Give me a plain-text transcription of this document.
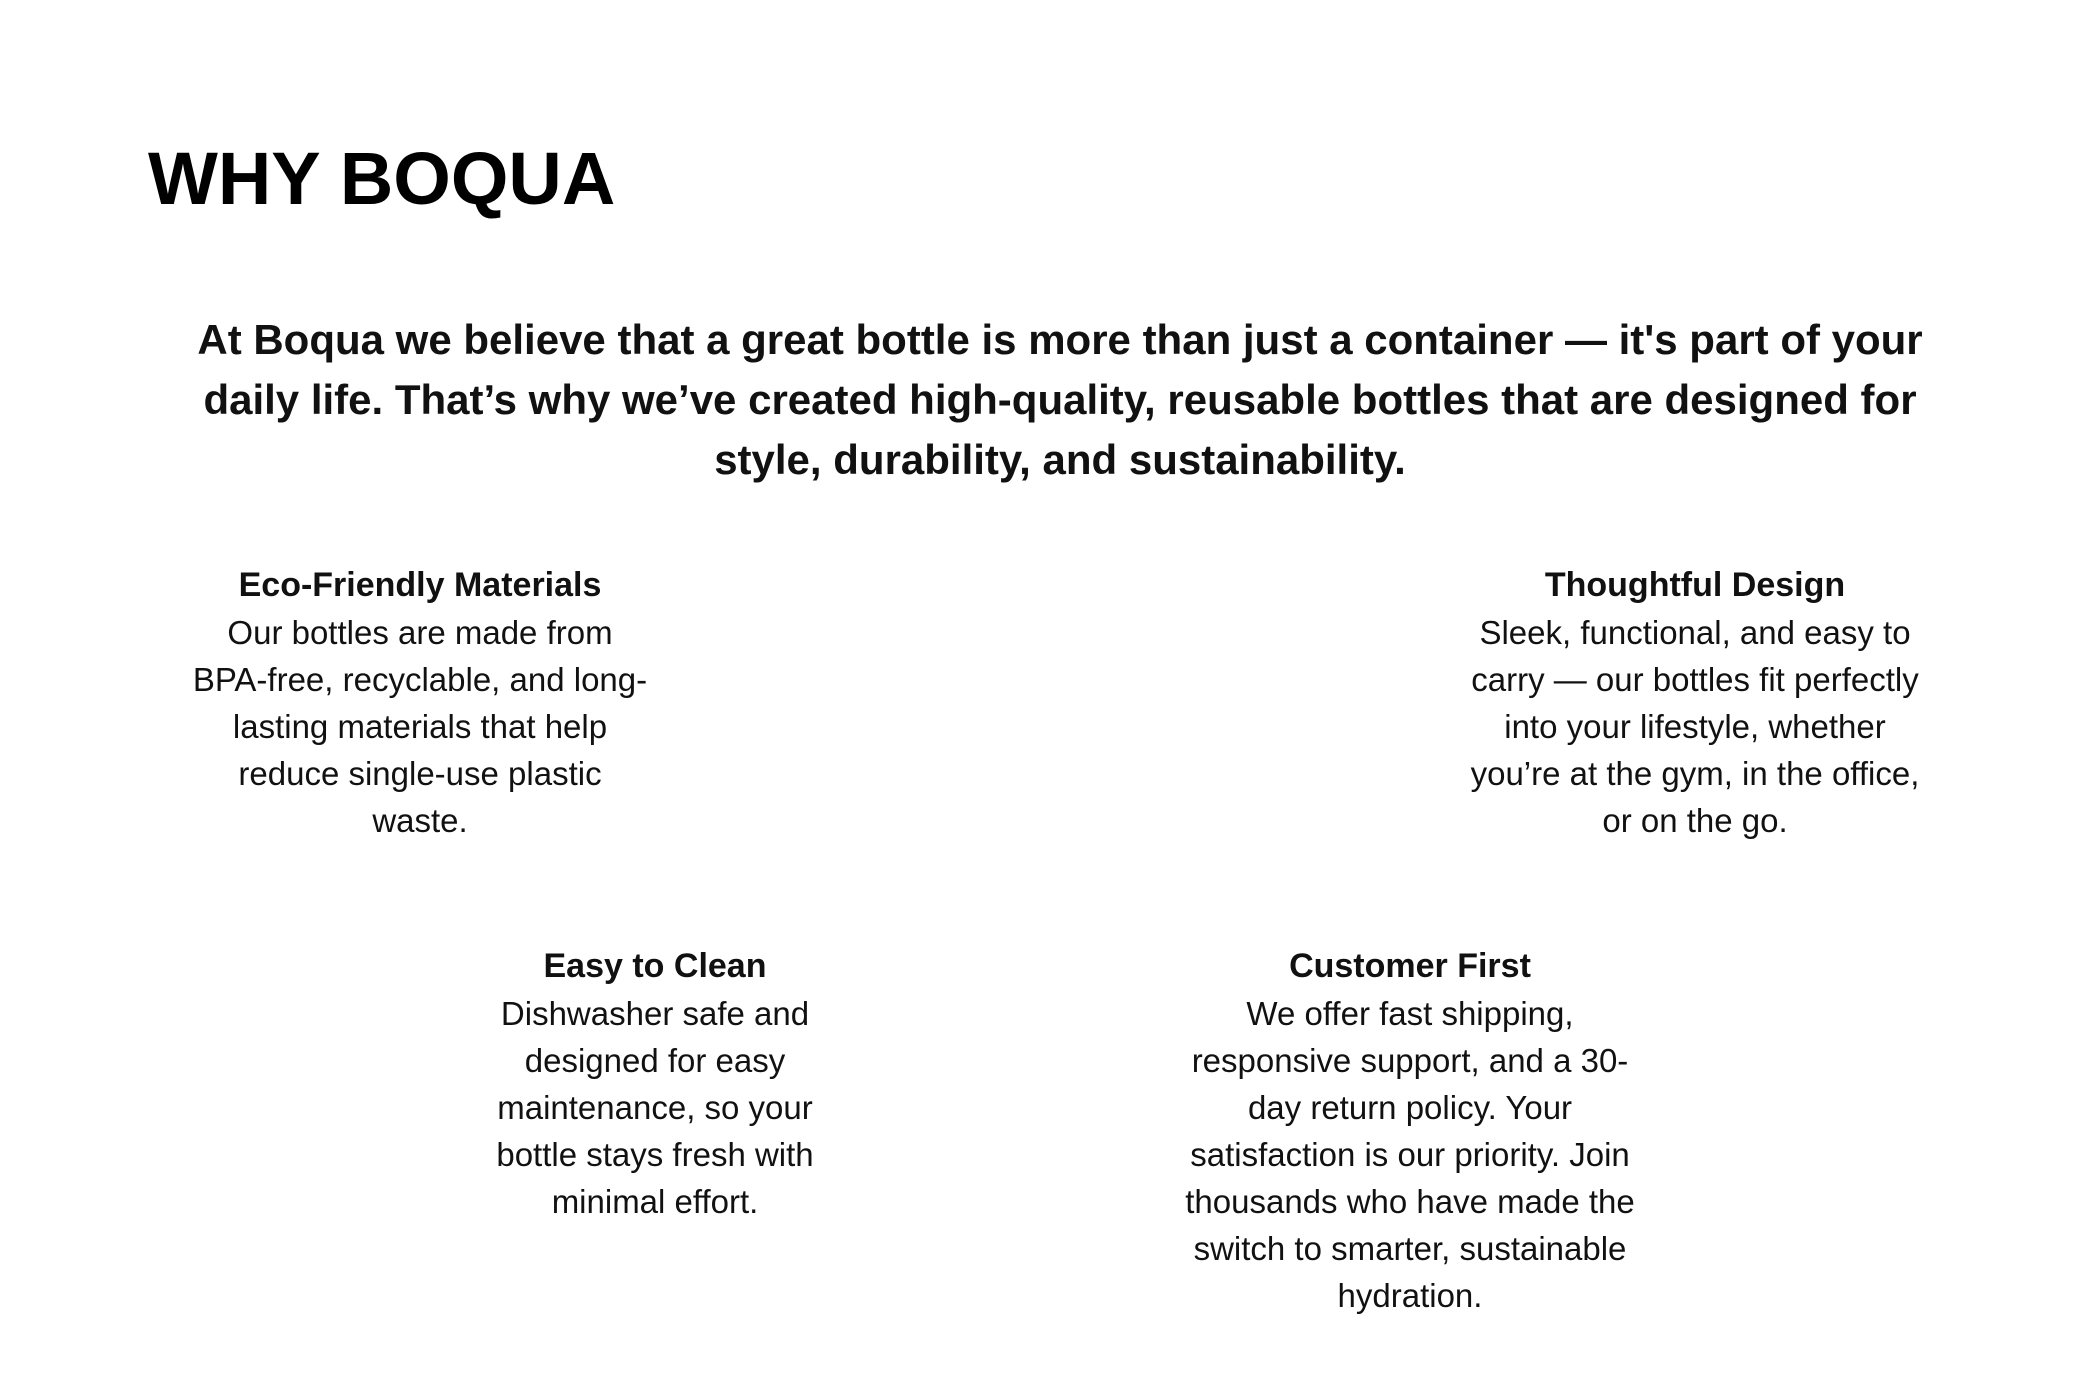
WHY BOQUA

At Boqua we believe that a great bottle is more than just a container — it's part of your daily life. That’s why we’ve created high-quality, reusable bottles that are designed for style, durability, and sustainability.

Eco-Friendly Materials

Our bottles are made from BPA-free, recyclable, and long-lasting materials that help reduce single-use plastic waste.

Thoughtful Design

Sleek, functional, and easy to carry — our bottles fit perfectly into your lifestyle, whether you’re at the gym, in the office, or on the go.

Easy to Clean

Dishwasher safe and designed for easy maintenance, so your bottle stays fresh with minimal effort.

Customer First

We offer fast shipping, responsive support, and a 30-day return policy. Your satisfaction is our priority. Join thousands who have made the switch to smarter, sustainable hydration.
